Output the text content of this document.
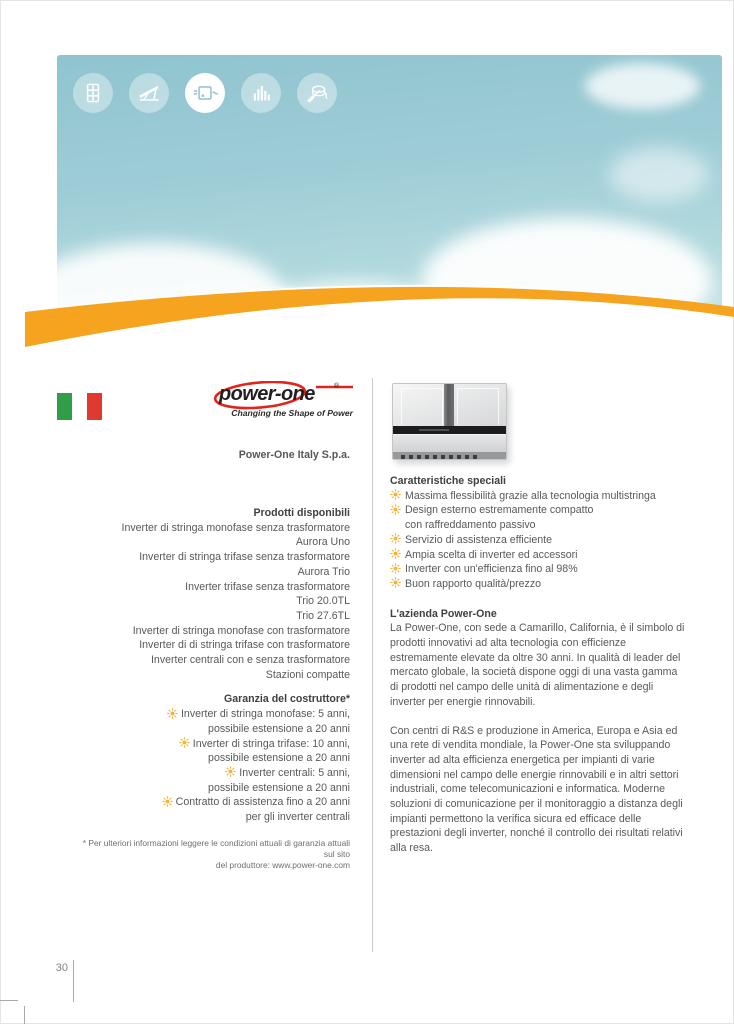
power-one	®
Changing the Shape of Power
Power-One Italy S.p.a.
Prodotti disponibili
Inverter di stringa monofase senza trasformatore
Aurora Uno
Inverter di stringa trifase senza trasformatore
Aurora Trio
Inverter trifase senza trasformatore
Trio 20.0TL
Trio 27.6TL
Inverter di stringa monofase con trasformatore
Inverter di di stringa trifase con trasformatore
Inverter centrali con e senza trasformatore
Stazioni compatte
Garanzia del costruttore*
Inverter di stringa monofase: 5 anni,
possibile estensione a 20 anni
Inverter di stringa trifase: 10 anni,
possibile estensione a 20 anni
Inverter centrali: 5 anni,
possibile estensione a 20 anni
Contratto di assistenza fino a 20 anni
per gli inverter centrali
* Per ulteriori informazioni leggere le condizioni attuali di garanzia attuali sul sito
del produttore: www.power-one.com
Caratteristiche speciali
Massima flessibilità grazie alla tecnologia multistringa
Design esterno estremamente compatto
con raffreddamento passivo
Servizio di assistenza efficiente
Ampia scelta di inverter ed accessori
Inverter con un'efficienza fino al 98%
Buon rapporto qualità/prezzo
L'azienda Power-One
La Power-One, con sede a Camarillo, California, è il simbolo di prodotti innovativi ad alta tecnologia con efficienze estremamente elevate da oltre 30 anni. In qualità di leader del mercato globale, la società dispone oggi di una vasta gamma di prodotti nel campo delle unità di alimentazione e degli inverter per energie rinnovabili.
Con centri di R&S e produzione in America, Europa e Asia ed una rete di vendita mondiale, la Power-One sta sviluppando inverter ad alta efficienza energetica per impianti di varie dimensioni nel campo delle energie rinnovabili e in altri settori industriali, come telecomunicazioni e informatica. Moderne soluzioni di comunicazione per il monitoraggio a distanza degli impianti permettono la verifica sicura ed efficace delle prestazioni degli inverter, nonché il controllo dei risultati relativi alla resa.
30
